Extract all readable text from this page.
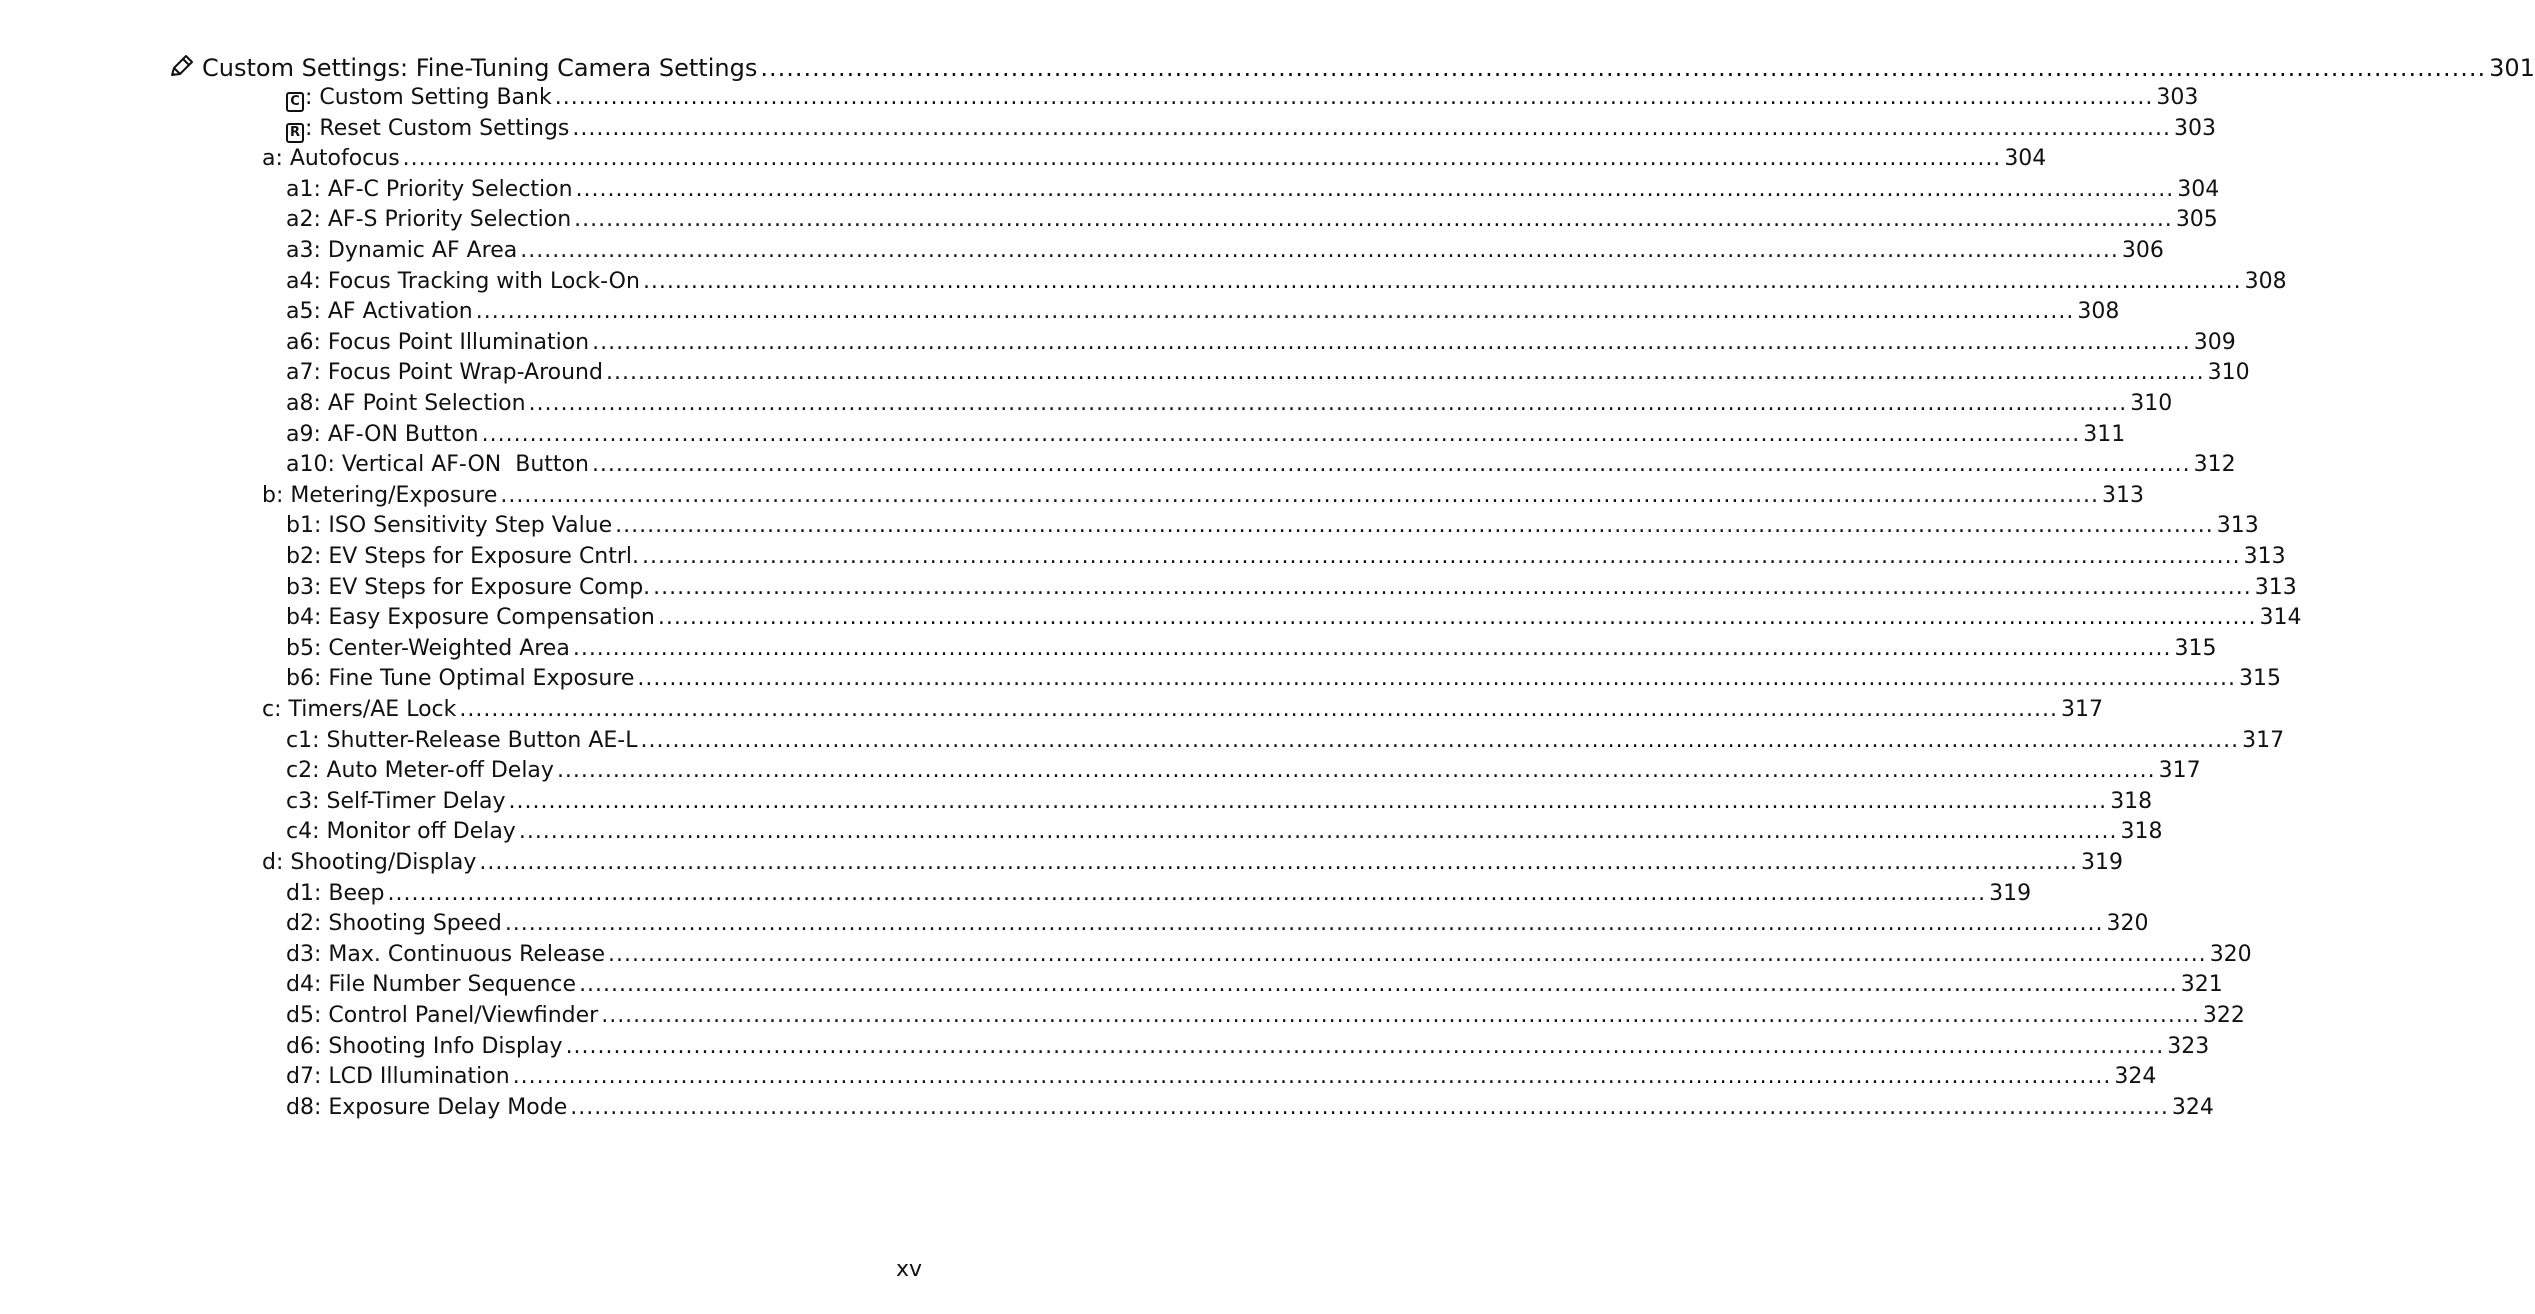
Custom Settings: Fine-Tuning Camera Settings ........................................................................................................................................................................................................ 301
C : Custom Setting Bank ........................................................................................................................................................................................................ 303
R : Reset Custom Settings ........................................................................................................................................................................................................ 303
a: Autofocus ........................................................................................................................................................................................................ 304
a1: AF-C Priority Selection ........................................................................................................................................................................................................ 304
a2: AF-S Priority Selection ........................................................................................................................................................................................................ 305
a3: Dynamic AF Area ........................................................................................................................................................................................................ 306
a4: Focus Tracking with Lock-On ........................................................................................................................................................................................................ 308
a5: AF Activation ........................................................................................................................................................................................................ 308
a6: Focus Point Illumination ........................................................................................................................................................................................................ 309
a7: Focus Point Wrap-Around ........................................................................................................................................................................................................ 310
a8: AF Point Selection ........................................................................................................................................................................................................ 310
a9: AF-ON Button ........................................................................................................................................................................................................ 311
a10: Vertical AF-ON  Button ........................................................................................................................................................................................................ 312
b: Metering/Exposure ........................................................................................................................................................................................................ 313
b1: ISO Sensitivity Step Value ........................................................................................................................................................................................................ 313
b2: EV Steps for Exposure Cntrl. ........................................................................................................................................................................................................ 313
b3: EV Steps for Exposure Comp. ........................................................................................................................................................................................................ 313
b4: Easy Exposure Compensation ........................................................................................................................................................................................................ 314
b5: Center-Weighted Area ........................................................................................................................................................................................................ 315
b6: Fine Tune Optimal Exposure ........................................................................................................................................................................................................ 315
c: Timers/AE Lock ........................................................................................................................................................................................................ 317
c1: Shutter-Release Button AE-L ........................................................................................................................................................................................................ 317
c2: Auto Meter-off Delay ........................................................................................................................................................................................................ 317
c3: Self-Timer Delay ........................................................................................................................................................................................................ 318
c4: Monitor off Delay ........................................................................................................................................................................................................ 318
d: Shooting/Display ........................................................................................................................................................................................................ 319
d1: Beep ........................................................................................................................................................................................................ 319
d2: Shooting Speed ........................................................................................................................................................................................................ 320
d3: Max. Continuous Release ........................................................................................................................................................................................................ 320
d4: File Number Sequence ........................................................................................................................................................................................................ 321
d5: Control Panel/Viewfinder ........................................................................................................................................................................................................ 322
d6: Shooting Info Display ........................................................................................................................................................................................................ 323
d7: LCD Illumination ........................................................................................................................................................................................................ 324
d8: Exposure Delay Mode ........................................................................................................................................................................................................ 324
xv
